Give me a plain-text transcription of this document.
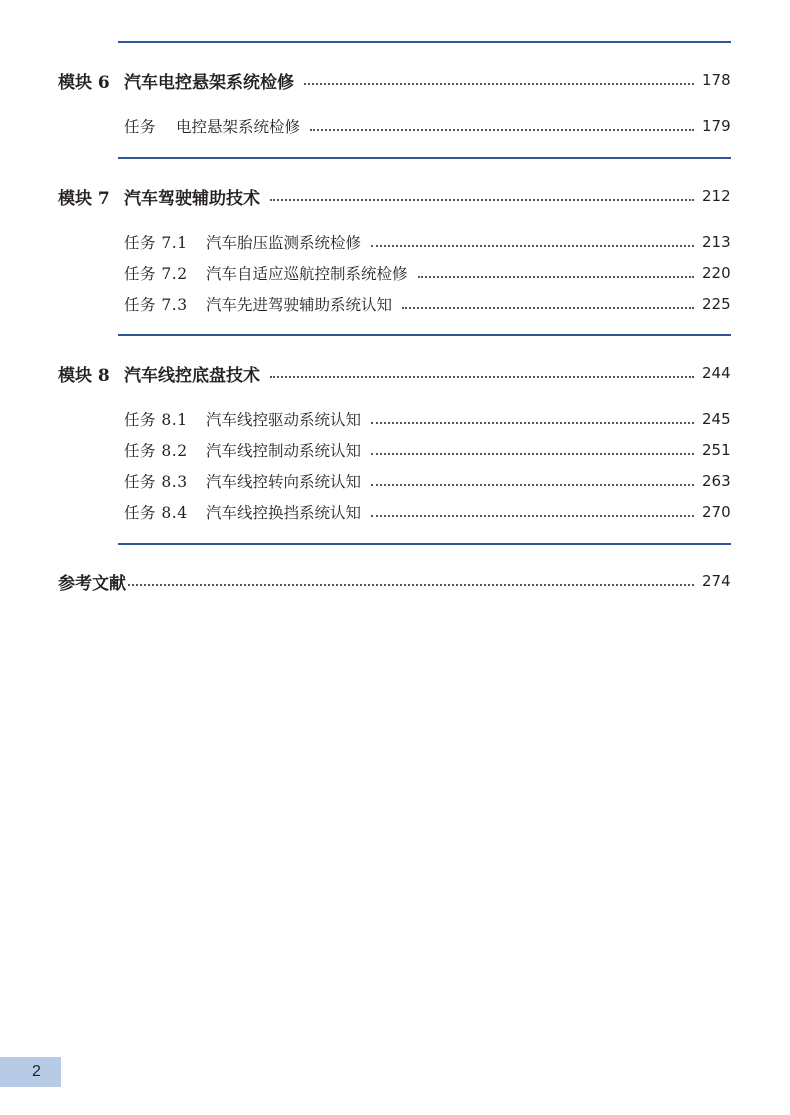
模块 6 汽车电控悬架系统检修	178
任务	电控悬架系统检修	179
模块 7 汽车驾驶辅助技术	212
任务 7.1	汽车胎压监测系统检修	213
任务 7.2	汽车自适应巡航控制系统检修	220
任务 7.3	汽车先进驾驶辅助系统认知	225
模块 8 汽车线控底盘技术	244
任务 8.1	汽车线控驱动系统认知	245
任务 8.2	汽车线控制动系统认知	251
任务 8.3	汽车线控转向系统认知	263
任务 8.4	汽车线控换挡系统认知	270
参考文献	274
2
